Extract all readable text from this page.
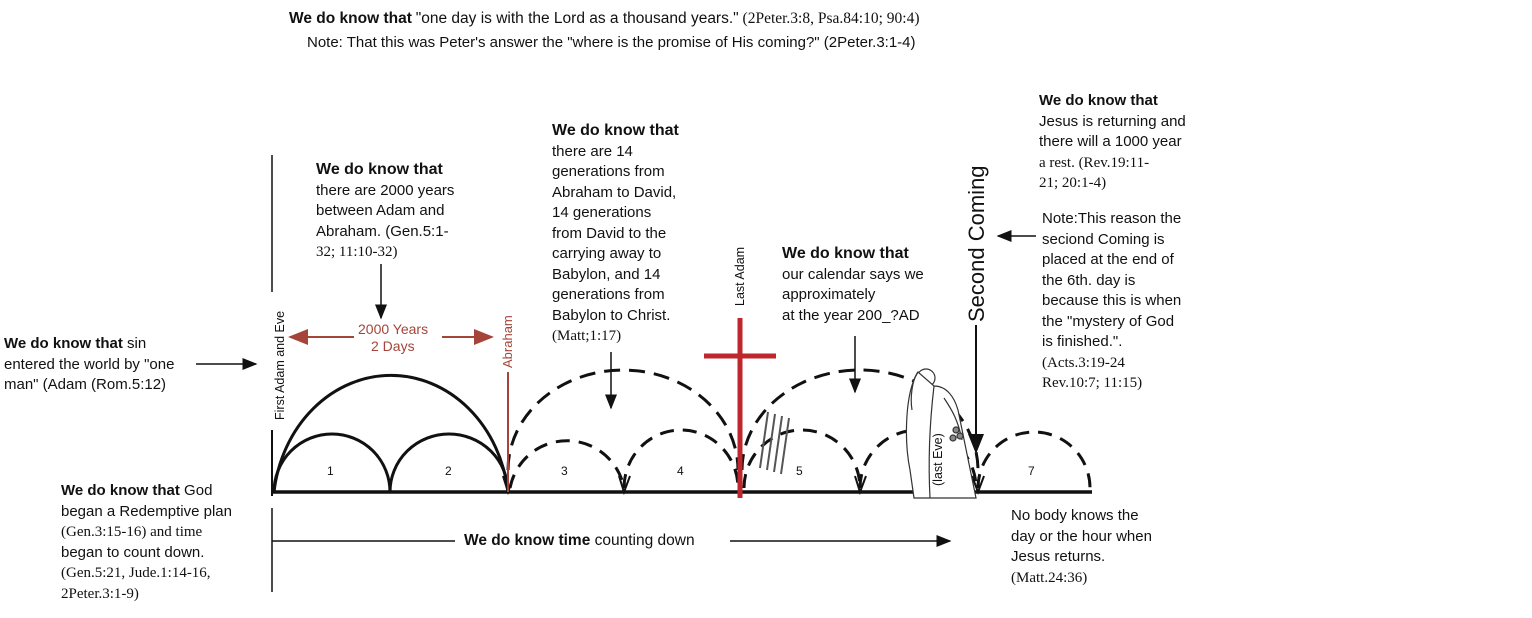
We do know that "one day is with the Lord as a thousand years." (2Peter.3:8, Psa.84:10; 90:4)
Note: That this was Peter's answer the "where is the promise of His coming?" (2Peter.3:1-4)
First Adam and Eve	Abraham
Last Adam	Second Coming
(last Eve)
2000 Years
2 Days
1	2	3	4	5	7
We do know that sin
entered the world by "one
man" (Adam (Rom.5:12)
We do know that
there are 2000 years
between Adam and
Abraham. (Gen.5:1-
32; 11:10-32)
We do know that
there are 14
generations from
Abraham to David,
14 generations
from David to the
carrying away to
Babylon, and 14
generations from
Babylon to Christ.
(Matt;1:17)
We do know that
our calendar says we
approximately
at the year 200_?AD
We do know that
Jesus is returning and
there will a 1000 year
a rest. (Rev.19:11-
21; 20:1-4)
Note:This reason the
seciond Coming is
placed at the end of
the 6th. day is
because this is when
the "mystery of God
is finished.".
(Acts.3:19-24
Rev.10:7; 11:15)
We do know that God
began a Redemptive plan
(Gen.3:15-16) and time
began to count down.
(Gen.5:21, Jude.1:14-16,
2Peter.3:1-9)
We do know time counting down
No body knows the
day or the hour when
Jesus returns.
(Matt.24:36)
